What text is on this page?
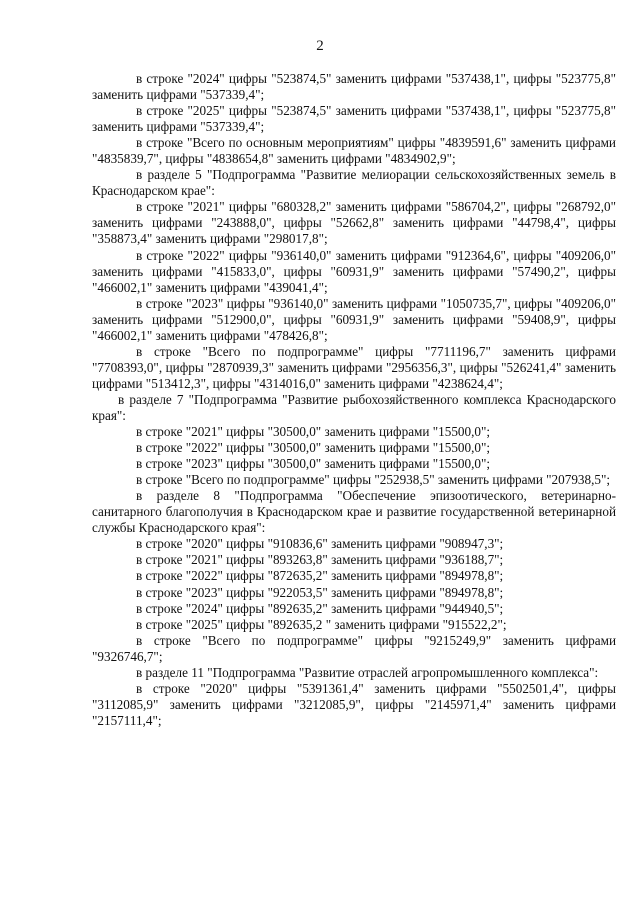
2

в строке "2024" цифры "523874,5" заменить цифрами "537438,1", цифры "523775,8" заменить цифрами "537339,4";

в строке "2025" цифры "523874,5" заменить цифрами "537438,1", цифры "523775,8" заменить цифрами "537339,4";

в строке "Всего по основным мероприятиям" цифры "4839591,6" заменить цифрами "4835839,7", цифры "4838654,8" заменить цифрами "4834902,9";

в разделе 5 "Подпрограмма "Развитие мелиорации сельскохозяйственных земель в Краснодарском крае":

в строке "2021" цифры "680328,2" заменить цифрами "586704,2", цифры "268792,0" заменить цифрами "243888,0", цифры "52662,8" заменить цифрами "44798,4", цифры "358873,4" заменить цифрами "298017,8";

в строке "2022" цифры "936140,0" заменить цифрами "912364,6", цифры "409206,0" заменить цифрами "415833,0", цифры "60931,9" заменить цифрами "57490,2", цифры "466002,1" заменить цифрами "439041,4";

в строке "2023" цифры "936140,0" заменить цифрами "1050735,7", цифры "409206,0" заменить цифрами "512900,0", цифры "60931,9" заменить цифрами "59408,9", цифры "466002,1" заменить цифрами "478426,8";

в строке "Всего по подпрограмме" цифры "7711196,7" заменить цифрами "7708393,0", цифры "2870939,3" заменить цифрами "2956356,3", цифры "526241,4" заменить цифрами "513412,3", цифры "4314016,0" заменить цифрами "4238624,4";

в разделе 7 "Подпрограмма "Развитие рыбохозяйственного комплекса Краснодарского края":

в строке "2021" цифры "30500,0" заменить цифрами "15500,0";

в строке "2022" цифры "30500,0" заменить цифрами "15500,0";

в строке "2023" цифры "30500,0" заменить цифрами "15500,0";

в строке "Всего по подпрограмме" цифры "252938,5" заменить цифрами "207938,5";

в разделе 8 "Подпрограмма "Обеспечение эпизоотического, ветеринарно-санитарного благополучия в Краснодарском крае и развитие государственной ветеринарной службы Краснодарского края":

в строке "2020" цифры "910836,6" заменить цифрами "908947,3";

в строке "2021" цифры "893263,8" заменить цифрами "936188,7";

в строке "2022" цифры "872635,2" заменить цифрами "894978,8";

в строке "2023" цифры "922053,5" заменить цифрами "894978,8";

в строке "2024" цифры "892635,2" заменить цифрами "944940,5";

в строке "2025" цифры "892635,2 " заменить цифрами "915522,2";

в строке "Всего по подпрограмме" цифры "9215249,9" заменить цифрами "9326746,7";

в разделе 11 "Подпрограмма "Развитие отраслей агропромышленного комплекса":

в строке "2020" цифры "5391361,4" заменить цифрами "5502501,4", цифры "3112085,9" заменить цифрами "3212085,9", цифры "2145971,4" заменить цифрами "2157111,4";
